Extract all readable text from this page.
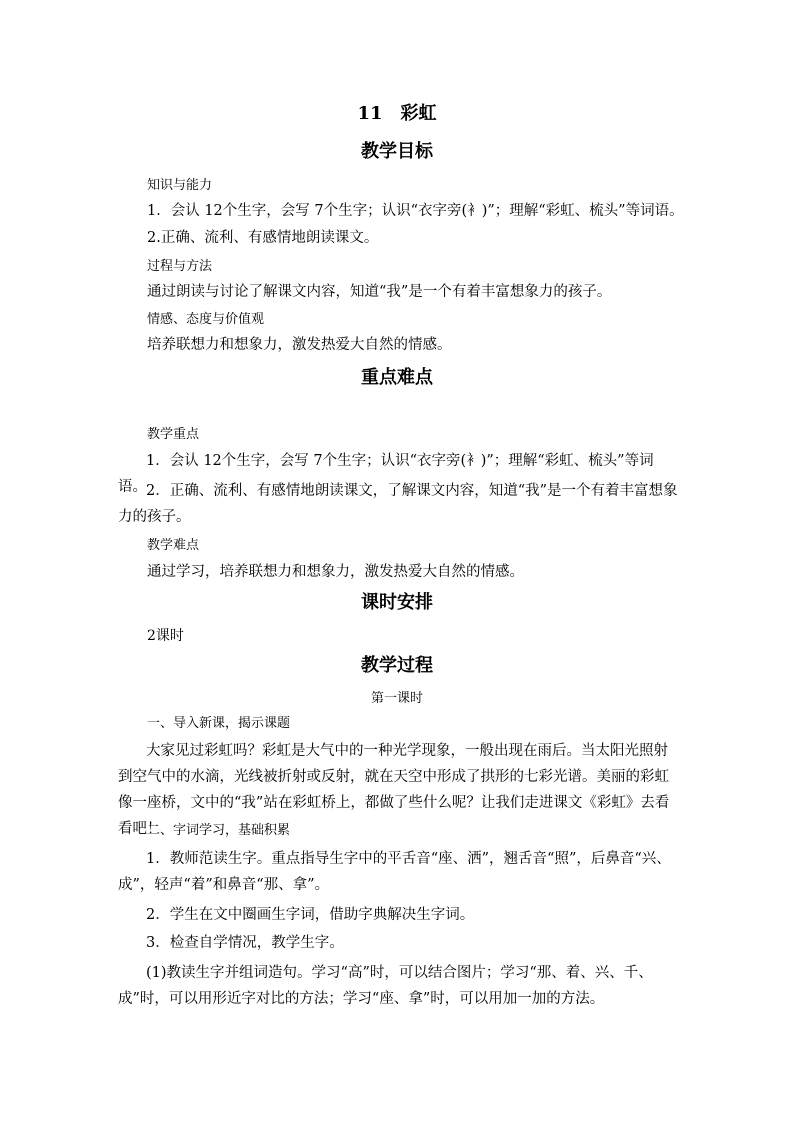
11　彩虹
教学目标
知识与能力
1．会认 12个生字，会写 7个生字；认识“衣字旁(衤)”；理解“彩虹、梳头”等词语。
2.正确、流利、有感情地朗读课文。
过程与方法
通过朗读与讨论了解课文内容，知道“我”是一个有着丰富想象力的孩子。
情感、态度与价值观
培养联想力和想象力，激发热爱大自然的情感。
重点难点
教学重点
1．会认 12个生字，会写 7个生字；认识“衣字旁(衤)”；理解“彩虹、梳头”等词语。 2．正确、流利、有感情地朗读课文，了解课文内容，知道“我”是一个有着丰富想象力的孩子。
教学难点
通过学习，培养联想力和想象力，激发热爱大自然的情感。
课时安排
2课时
教学过程
第一课时
一、导入新课，揭示课题
大家见过彩虹吗？彩虹是大气中的一种光学现象，一般出现在雨后。当太阳光照射到空气中的水滴，光线被折射或反射，就在天空中形成了拱形的七彩光谱。美丽的彩虹像一座桥，文中的“我”站在彩虹桥上，都做了些什么呢？让我们走进课文《彩虹》去看看吧！
二、字词学习，基础积累
1．教师范读生字。重点指导生字中的平舌音“座、洒”，翘舌音“照”，后鼻音“兴、成”，轻声“着”和鼻音“那、拿”。
2．学生在文中圈画生字词，借助字典解决生字词。
3．检查自学情况，教学生字。
(1)教读生字并组词造句。学习“高”时，可以结合图片；学习“那、着、兴、千、成”时，可以用形近字对比的方法；学习“座、拿”时，可以用加一加的方法。
